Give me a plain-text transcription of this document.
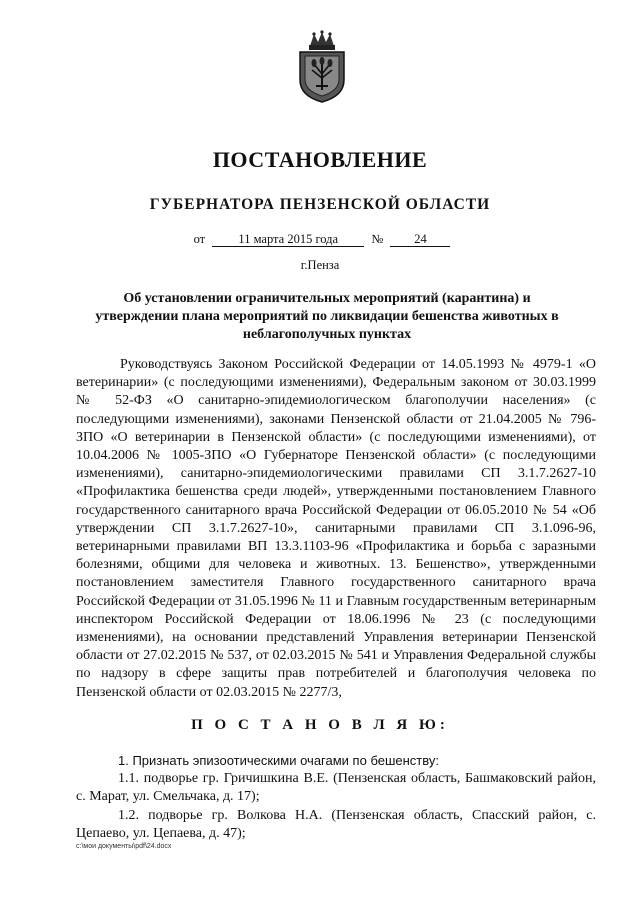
ПОСТАНОВЛЕНИЕ
ГУБЕРНАТОРА ПЕНЗЕНСКОЙ ОБЛАСТИ
от	11 марта 2015 года	№ 24
г.Пенза
Об установлении ограничительных мероприятий (карантина) и утверждении плана мероприятий по ликвидации бешенства животных в неблагополучных пунктах

Руководствуясь Законом Российской Федерации от 14.05.1993 № 4979-1 «О ветеринарии» (с последующими изменениями), Федеральным законом от 30.03.1999 № 52-ФЗ «О санитарно-эпидемиологическом благополучии населения» (с последующими изменениями), законами Пензенской области от 21.04.2005 № 796-ЗПО «О ветеринарии в Пензенской области» (с последующими изменениями), от 10.04.2006 № 1005-ЗПО «О Губернаторе Пензенской области» (с последующими изменениями), санитарно-эпидемиологическими правилами СП 3.1.7.2627-10 «Профилактика бешенства среди людей», утвержденными постановлением Главного государственного санитарного врача Российской Федерации от 06.05.2010 № 54 «Об утверждении СП 3.1.7.2627-10», санитарными правилами СП 3.1.096-96, ветеринарными правилами ВП 13.3.1103-96 «Профилактика и борьба с заразными болезнями, общими для человека и животных. 13. Бешенство», утвержденными постановлением заместителя Главного государственного санитарного врача Российской Федерации от 31.05.1996 № 11 и Главным государственным ветеринарным инспектором Российской Федерации от 18.06.1996 № 23 (с последующими изменениями), на основании представлений Управления ветеринарии Пензенской области от 27.02.2015 № 537, от 02.03.2015 № 541 и Управления Федеральной службы по надзору в сфере защиты прав потребителей и благополучия человека по Пензенской области от 02.03.2015 № 2277/3,

П О С Т А Н О В Л Я Ю:

1. Признать эпизоотическими очагами по бешенству:

1.1. подворье гр. Гричишкина В.Е. (Пензенская область, Башмаковский район, с. Марат, ул. Смельчака, д. 17);

1.2. подворье гр. Волкова Н.А. (Пензенская область, Спасский район, с. Цепаево, ул. Цепаева, д. 47);

c:\мои документы\pdf\24.docx
